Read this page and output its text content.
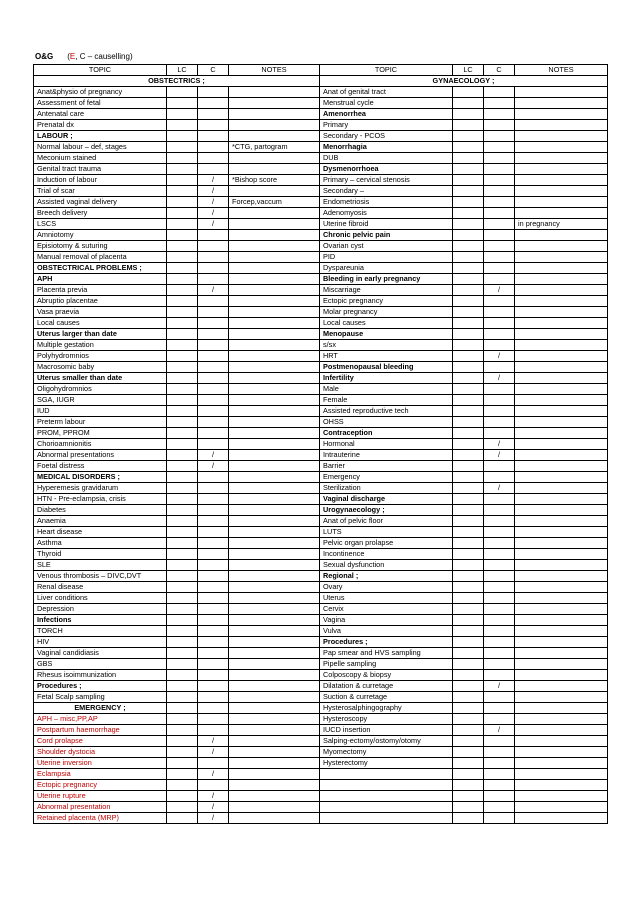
O&G (E, C – causelling)
TOPIC	LC	C	NOTES	TOPIC	LC	C	NOTES
OBSTECTRICS ;				GYNAECOLOGY ;			
Anat&physio of pregnancy				Anat of genital tract			
Assessment of fetal				Menstrual cycle			
Antenatal care				Amenorrhea			
Prenatal dx				Primary			
LABOUR ;				Secondary - PCOS			
Normal labour – def, stages			*CTG, partogram	Menorrhagia			
Meconium stained				DUB			
Genital tract trauma				Dysmenorrhoea			
Induction of labour		/	*Bishop score	Primary – cervical stenosis			
Trial of scar		/		Secondary –			
Assisted vaginal delivery		/	Forcep,vaccum	Endometriosis			
Breech delivery		/		Adenomyosis			
LSCS		/		Uterine fibroid			in pregnancy
Amniotomy				Chronic pelvic pain			
Episiotomy & suturing				Ovarian cyst			
Manual removal of placenta				PID			
OBSTECTRICAL PROBLEMS ;				Dyspareunia			
APH				Bleeding in early pregnancy			
Placenta previa		/		Miscarriage		/	
Abruptio placentae				Ectopic pregnancy			
Vasa praevia				Molar pregnancy			
Local causes				Local causes			
Uterus larger than date				Menopause			
Multiple gestation				s/sx			
Polyhydromnios				HRT		/	
Macrosomic baby				Postmenopausal bleeding			
Uterus smaller than date				Infertility		/	
Oligohydromnios				Male			
SGA, IUGR				Female			
IUD				Assisted reproductive tech			
Preterm labour				OHSS			
PROM, PPROM				Contraception			
Chorioamnionitis				Hormonal		/	
Abnormal presentations		/		Intrauterine		/	
Foetal distress		/		Barrier			
MEDICAL DISORDERS ;				Emergency			
Hyperemesis gravidarum				Sterilization		/	
HTN - Pre-eclampsia, crisis				Vaginal discharge			
Diabetes				Urogynaecology ;			
Anaemia				Anat of pelvic floor			
Heart disease				LUTS			
Asthma				Pelvic organ prolapse			
Thyroid				Incontinence			
SLE				Sexual dysfunction			
Venous thrombosis – DIVC,DVT				Regional ;			
Renal disease				Ovary			
Liver conditions				Uterus			
Depression				Cervix			
Infections				Vagina			
TORCH				Vulva			
HIV				Procedures ;			
Vaginal candidiasis				Pap smear and HVS sampling			
GBS				Pipelle sampling			
Rhesus isoimmunization				Colposcopy & biopsy			
Procedures ;				Dilatation & curretage		/	
Fetal Scalp sampling				Suction & curretage			
EMERGENCY ;				Hysterosalphingography			
APH – misc,PP,AP				Hysteroscopy			
Postpartum haemorrhage				IUCD insertion		/	
Cord prolapse		/		Salping-ectomy/ostomy/otomy			
Shoulder dystocia		/		Myomectomy			
Uterine inversion				Hysterectomy			
Eclampsia		/					
Ectopic pregnancy							
Uterine rupture		/					
Abnormal presentation		/					
Retained placenta (MRP)		/					
